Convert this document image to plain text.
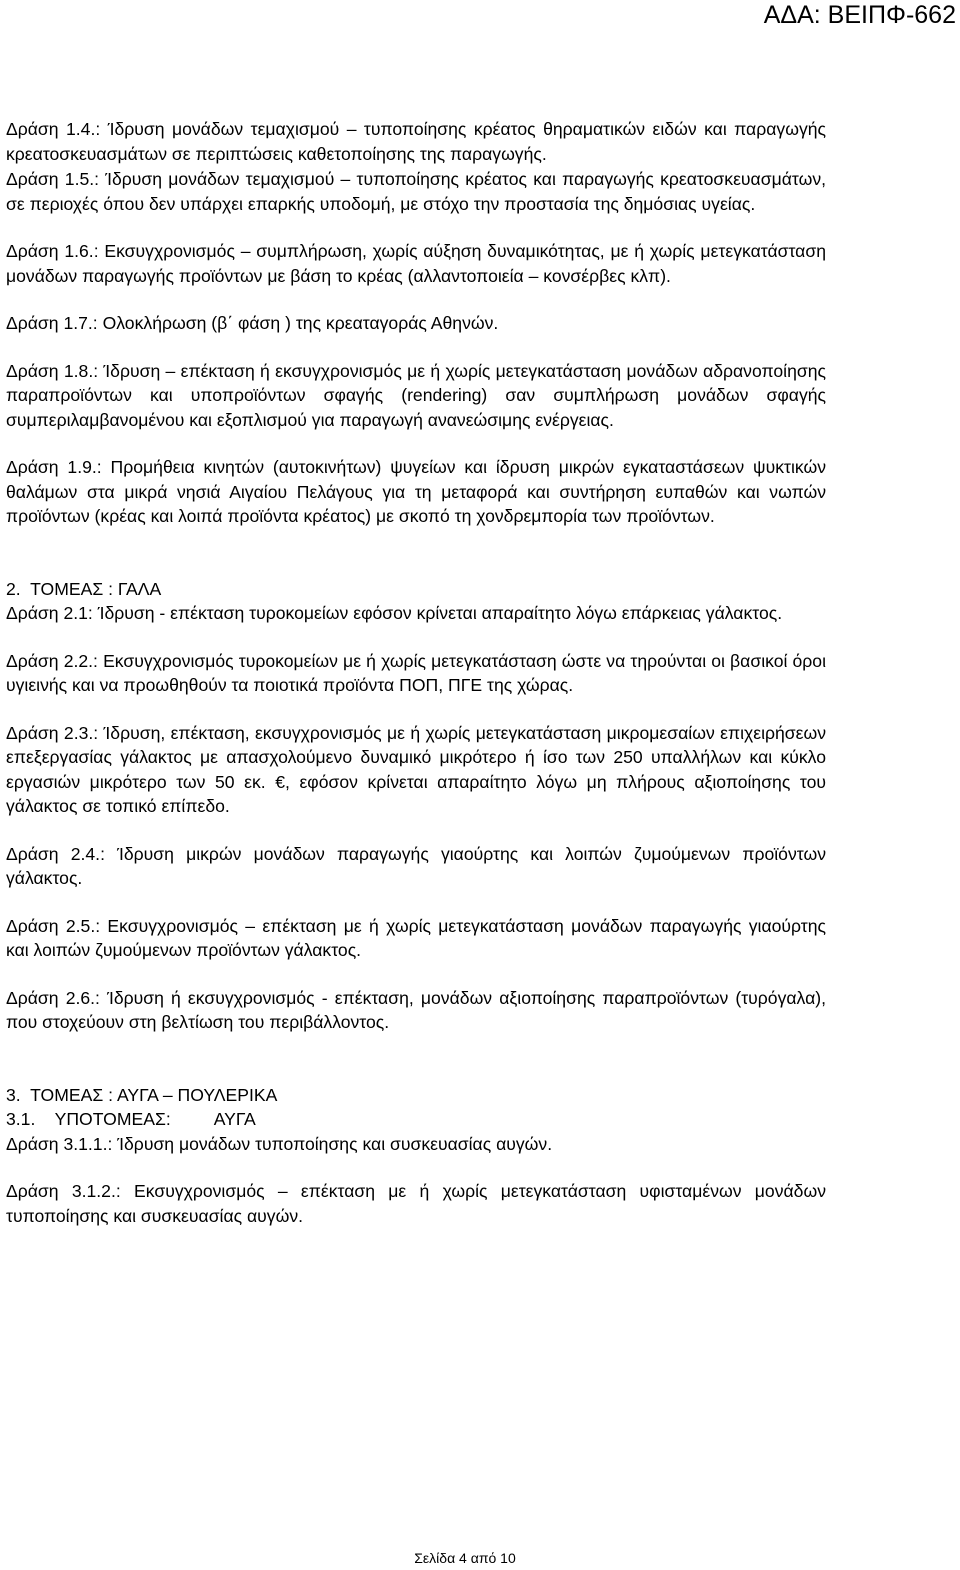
ΑΔΑ: ΒΕΙΠΦ-662

Δράση 1.4.: Ίδρυση μονάδων τεμαχισμού – τυποποίησης κρέατος θηραματικών ειδών και παραγωγής κρεατοσκευασμάτων σε περιπτώσεις καθετοποίησης της παραγωγής.

Δράση 1.5.: Ίδρυση μονάδων τεμαχισμού – τυποποίησης κρέατος και παραγωγής κρεατοσκευασμάτων, σε περιοχές όπου δεν υπάρχει επαρκής υποδομή, με στόχο την προστασία της δημόσιας υγείας.

Δράση 1.6.: Εκσυγχρονισμός – συμπλήρωση, χωρίς αύξηση δυναμικότητας, με ή χωρίς μετεγκατάσταση μονάδων παραγωγής προϊόντων με βάση το κρέας (αλλαντοποιεία – κονσέρβες κλπ).

Δράση 1.7.: Ολοκλήρωση (β΄ φάση ) της κρεαταγοράς Αθηνών.

Δράση 1.8.: Ίδρυση – επέκταση ή εκσυγχρονισμός με ή χωρίς μετεγκατάσταση μονάδων αδρανοποίησης παραπροϊόντων και υποπροϊόντων σφαγής (rendering) σαν συμπλήρωση μονάδων σφαγής συμπεριλαμβανομένου και εξοπλισμού για παραγωγή ανανεώσιμης ενέργειας.

Δράση 1.9.: Προμήθεια κινητών (αυτοκινήτων) ψυγείων και ίδρυση μικρών εγκαταστάσεων ψυκτικών θαλάμων στα μικρά νησιά Αιγαίου Πελάγους για τη μεταφορά και συντήρηση ευπαθών και νωπών προϊόντων (κρέας και λοιπά προϊόντα κρέατος) με σκοπό τη χονδρεμπορία των προϊόντων.

2.  ΤΟΜΕΑΣ : ΓΑΛΑ

Δράση 2.1: Ίδρυση - επέκταση τυροκομείων εφόσον κρίνεται απαραίτητο λόγω επάρκειας γάλακτος.

Δράση 2.2.: Εκσυγχρονισμός τυροκομείων με ή χωρίς μετεγκατάσταση ώστε να τηρούνται οι βασικοί όροι υγιεινής και να προωθηθούν τα ποιοτικά προϊόντα ΠΟΠ, ΠΓΕ της χώρας.

Δράση 2.3.: Ίδρυση, επέκταση, εκσυγχρονισμός με ή χωρίς μετεγκατάσταση μικρομεσαίων επιχειρήσεων επεξεργασίας γάλακτος με απασχολούμενο δυναμικό μικρότερο ή ίσο των 250 υπαλλήλων και κύκλο εργασιών μικρότερο των 50 εκ. €, εφόσον κρίνεται απαραίτητο λόγω μη πλήρους αξιοποίησης του γάλακτος σε τοπικό επίπεδο.

Δράση 2.4.: Ίδρυση μικρών μονάδων παραγωγής γιαούρτης και λοιπών ζυμούμενων προϊόντων γάλακτος.

Δράση 2.5.: Εκσυγχρονισμός – επέκταση με ή χωρίς μετεγκατάσταση μονάδων παραγωγής γιαούρτης και λοιπών ζυμούμενων προϊόντων γάλακτος.

Δράση 2.6.: Ίδρυση ή εκσυγχρονισμός - επέκταση, μονάδων αξιοποίησης παραπροϊόντων (τυρόγαλα), που στοχεύουν στη βελτίωση του περιβάλλοντος.

3.  ΤΟΜΕΑΣ : ΑΥΓΑ – ΠΟΥΛΕΡΙΚΑ

3.1.    ΥΠΟΤΟΜΕΑΣ:         ΑΥΓΑ

Δράση 3.1.1.: Ίδρυση μονάδων τυποποίησης και συσκευασίας αυγών.

Δράση 3.1.2.: Εκσυγχρονισμός – επέκταση με ή χωρίς μετεγκατάσταση υφισταμένων μονάδων τυποποίησης και συσκευασίας αυγών.

Σελίδα 4 από 10
